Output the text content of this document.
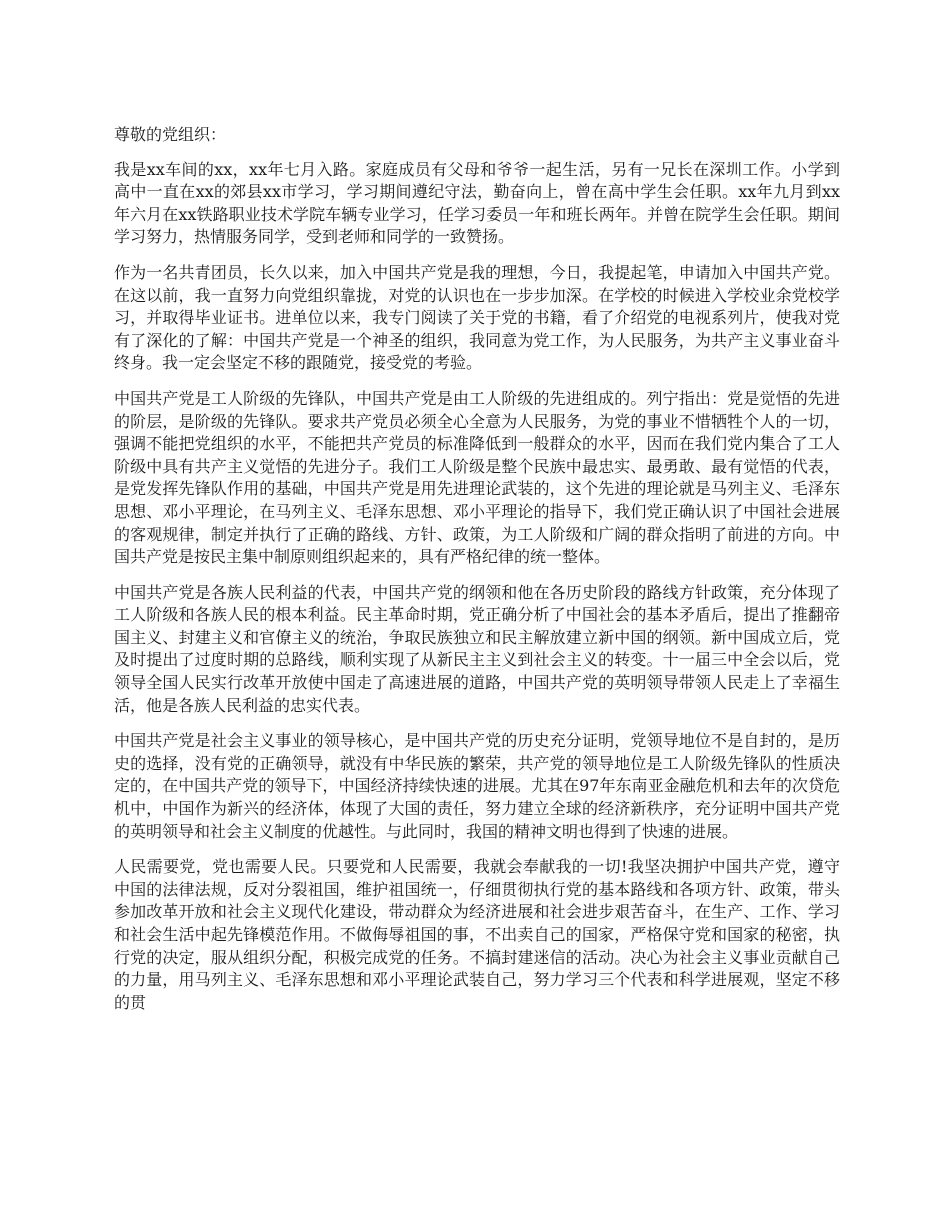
尊敬的党组织：

我是xx车间的xx，xx年七月入路。家庭成员有父母和爷爷一起生活，另有一兄长在深圳工作。小学到高中一直在xx的郊县xx市学习，学习期间遵纪守法，勤奋向上，曾在高中学生会任职。xx年九月到xx年六月在xx铁路职业技术学院车辆专业学习，任学习委员一年和班长两年。并曾在院学生会任职。期间学习努力，热情服务同学，受到老师和同学的一致赞扬。

作为一名共青团员，长久以来，加入中国共产党是我的理想，今日，我提起笔，申请加入中国共产党。在这以前，我一直努力向党组织靠拢，对党的认识也在一步步加深。在学校的时候进入学校业余党校学习，并取得毕业证书。进单位以来，我专门阅读了关于党的书籍，看了介绍党的电视系列片，使我对党有了深化的了解：中国共产党是一个神圣的组织，我同意为党工作，为人民服务，为共产主义事业奋斗终身。我一定会坚定不移的跟随党，接受党的考验。

中国共产党是工人阶级的先锋队，中国共产党是由工人阶级的先进组成的。列宁指出：党是觉悟的先进的阶层，是阶级的先锋队。要求共产党员必须全心全意为人民服务，为党的事业不惜牺牲个人的一切，强调不能把党组织的水平，不能把共产党员的标准降低到一般群众的水平，因而在我们党内集合了工人阶级中具有共产主义觉悟的先进分子。我们工人阶级是整个民族中最忠实、最勇敢、最有觉悟的代表，是党发挥先锋队作用的基础，中国共产党是用先进理论武装的，这个先进的理论就是马列主义、毛泽东思想、邓小平理论，在马列主义、毛泽东思想、邓小平理论的指导下，我们党正确认识了中国社会进展的客观规律，制定并执行了正确的路线、方针、政策，为工人阶级和广阔的群众指明了前进的方向。中国共产党是按民主集中制原则组织起来的，具有严格纪律的统一整体。

中国共产党是各族人民利益的代表，中国共产党的纲领和他在各历史阶段的路线方针政策，充分体现了工人阶级和各族人民的根本利益。民主革命时期，党正确分析了中国社会的基本矛盾后，提出了推翻帝国主义、封建主义和官僚主义的统治，争取民族独立和民主解放建立新中国的纲领。新中国成立后，党及时提出了过度时期的总路线，顺利实现了从新民主主义到社会主义的转变。十一届三中全会以后，党领导全国人民实行改革开放使中国走了高速进展的道路，中国共产党的英明领导带领人民走上了幸福生活，他是各族人民利益的忠实代表。

中国共产党是社会主义事业的领导核心，是中国共产党的历史充分证明，党领导地位不是自封的，是历史的选择，没有党的正确领导，就没有中华民族的繁荣，共产党的领导地位是工人阶级先锋队的性质决定的，在中国共产党的领导下，中国经济持续快速的进展。尤其在97年东南亚金融危机和去年的次贷危机中，中国作为新兴的经济体，体现了大国的责任，努力建立全球的经济新秩序，充分证明中国共产党的英明领导和社会主义制度的优越性。与此同时，我国的精神文明也得到了快速的进展。

人民需要党，党也需要人民。只要党和人民需要，我就会奉献我的一切!我坚决拥护中国共产党，遵守中国的法律法规，反对分裂祖国，维护祖国统一，仔细贯彻执行党的基本路线和各项方针、政策，带头参加改革开放和社会主义现代化建设，带动群众为经济进展和社会进步艰苦奋斗，在生产、工作、学习和社会生活中起先锋模范作用。不做侮辱祖国的事，不出卖自己的国家，严格保守党和国家的秘密，执行党的决定，服从组织分配，积极完成党的任务。不搞封建迷信的活动。决心为社会主义事业贡献自己的力量，用马列主义、毛泽东思想和邓小平理论武装自己，努力学习三个代表和科学进展观，坚定不移的贯
